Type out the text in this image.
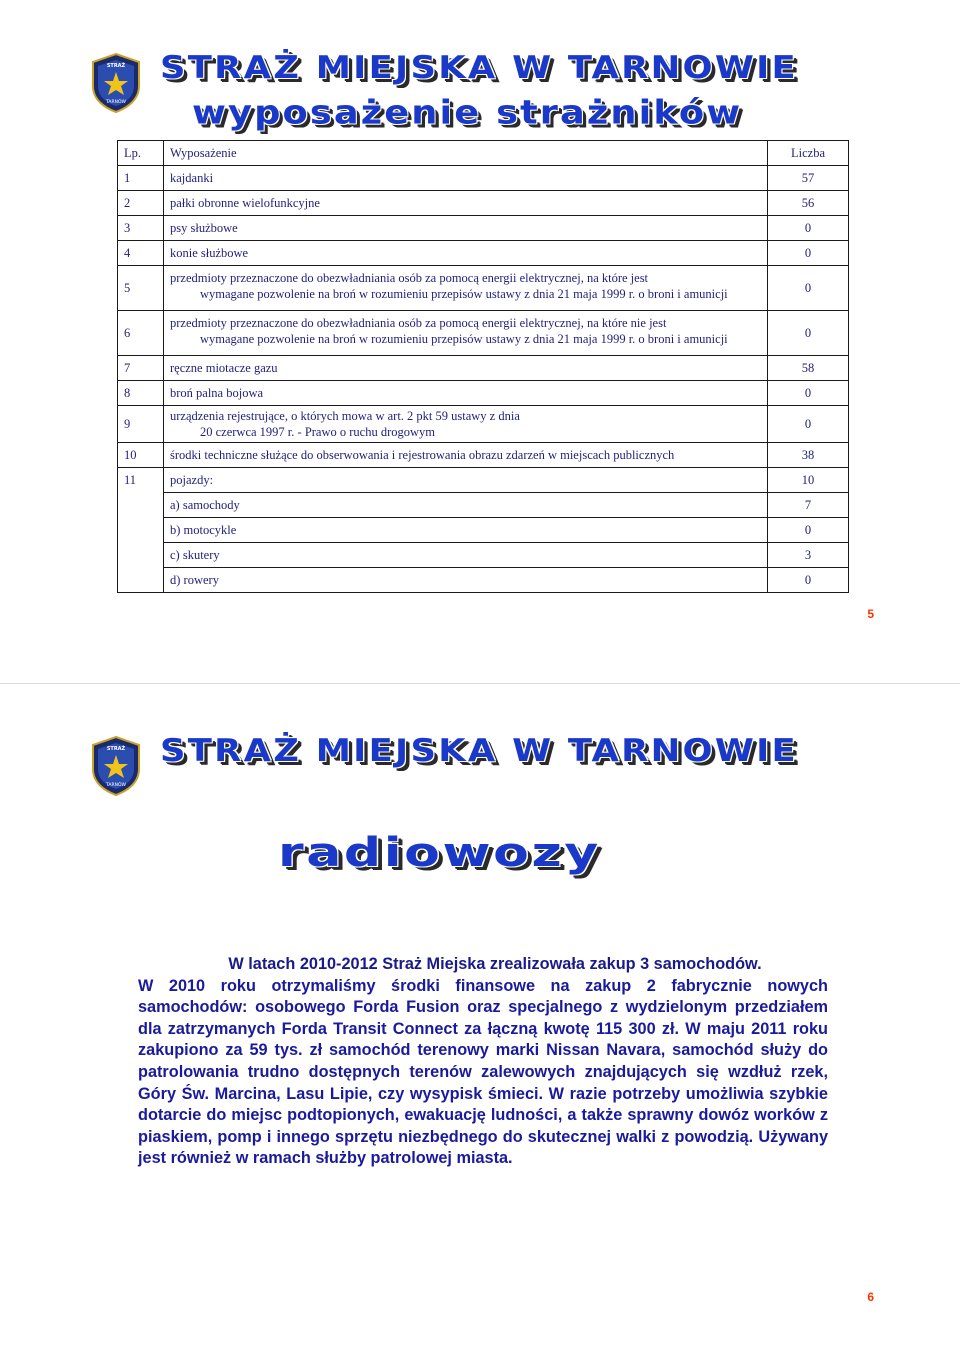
STRAŻ
TARNÓW
STRAŻ MIEJSKA W TARNOWIE
wyposażenie strażników
Lp.	Wyposażenie	Liczba
1	kajdanki	57
2	pałki obronne wielofunkcyjne	56
3	psy służbowe	0
4	konie służbowe	0
5	przedmioty przeznaczone do obezwładniania osób za pomocą energii elektrycznej, na które jest
wymagane pozwolenie na broń w rozumieniu przepisów ustawy z dnia 21 maja 1999 r. o broni i amunicji	0
6	przedmioty przeznaczone do obezwładniania osób za pomocą energii elektrycznej, na które nie jest
wymagane pozwolenie na broń w rozumieniu przepisów ustawy z dnia 21 maja 1999 r. o broni i amunicji	0
7	ręczne miotacze gazu	58
8	broń palna bojowa	0
9	urządzenia rejestrujące, o których mowa w art. 2 pkt 59 ustawy z dnia
20 czerwca 1997 r. - Prawo o ruchu drogowym	0
10	środki techniczne służące do obserwowania i rejestrowania obrazu zdarzeń w miejscach publicznych	38
11	pojazdy:	10
	a) samochody	7
	b) motocykle	0
	c) skutery	3
	d) rowery	0
5
STRAŻ
TARNÓW
STRAŻ MIEJSKA W TARNOWIE
radiowozy

W latach 2010-2012 Straż Miejska zrealizowała zakup 3 samochodów.

W 2010 roku otrzymaliśmy środki finansowe na zakup 2 fabrycznie nowych samochodów: osobowego Forda Fusion oraz specjalnego z wydzielonym przedziałem dla zatrzymanych Forda Transit Connect za łączną kwotę 115 300 zł. W maju 2011 roku zakupiono za 59 tys. zł samochód terenowy marki Nissan Navara, samochód służy do patrolowania trudno dostępnych terenów zalewowych znajdujących się wzdłuż rzek, Góry Św. Marcina, Lasu Lipie, czy wysypisk śmieci. W razie potrzeby umożliwia szybkie dotarcie do miejsc podtopionych, ewakuację ludności, a także sprawny dowóz worków z piaskiem, pomp i innego sprzętu niezbędnego do skutecznej walki z powodzią. Używany jest również w ramach służby patrolowej miasta.

6
